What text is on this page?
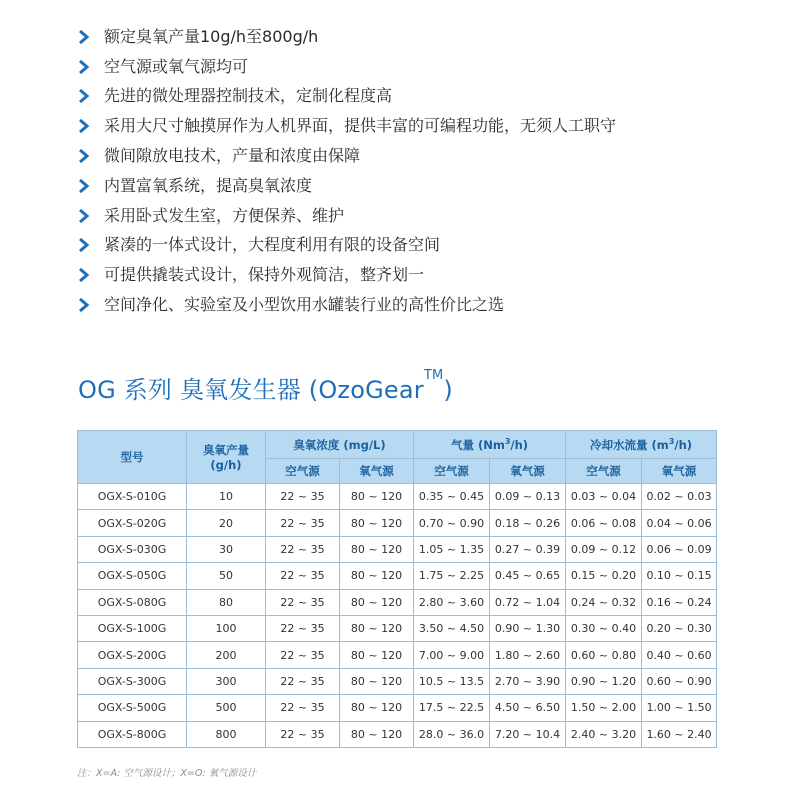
额定臭氧产量10g/h至800g/h
空气源或氧气源均可
先进的微处理器控制技术，定制化程度高
采用大尺寸触摸屏作为人机界面，提供丰富的可编程功能，无须人工职守
微间隙放电技术，产量和浓度由保障
内置富氧系统，提高臭氧浓度
采用卧式发生室，方便保养、维护
紧凑的一体式设计，大程度利用有限的设备空间
可提供撬装式设计，保持外观简洁，整齐划一
空间净化、实验室及小型饮用水罐装行业的高性价比之选
OG 系列 臭氧发生器 (OzoGear™)
型号	臭氧产量
(g/h)	臭氧浓度 (mg/L)		气量 (Nm$^3$/h)		冷却水流量 $(m^3/h)$	
		空气源	氧气源	空气源	氧气源	空气源	氧气源
OGX-S-010G	10	22 ~ 35	80 ~ 120	0.35 ~ 0.45	0.09 ~ 0.13	0.03 ~ 0.04	0.02 ~ 0.03
OGX-S-020G	20	22 ~ 35	80 ~ 120	0.70 ~ 0.90	0.18 ~ 0.26	0.06 ~ 0.08	0.04 ~ 0.06
OGX-S-030G	30	22 ~ 35	80 ~ 120	1.05 ~ 1.35	0.27 ~ 0.39	0.09 ~ 0.12	0.06 ~ 0.09
OGX-S-050G	50	22 ~ 35	80 ~ 120	1.75 ~ 2.25	0.45 ~ 0.65	0.15 ~ 0.20	0.10 ~ 0.15
OGX-S-080G	80	22 ~ 35	80 ~ 120	2.80 ~ 3.60	0.72 ~ 1.04	0.24 ~ 0.32	0.16 ~ 0.24
OGX-S-100G	100	22 ~ 35	80 ~ 120	3.50 ~ 4.50	0.90 ~ 1.30	0.30 ~ 0.40	0.20 ~ 0.30
OGX-S-200G	200	22 ~ 35	80 ~ 120	7.00 ~ 9.00	1.80 ~ 2.60	0.60 ~ 0.80	0.40 ~ 0.60
OGX-S-300G	300	22 ~ 35	80 ~ 120	10.5 ~ 13.5	2.70 ~ 3.90	0.90 ~ 1.20	0.60 ~ 0.90
OGX-S-500G	500	22 ~ 35	80 ~ 120	17.5 ~ 22.5	4.50 ~ 6.50	1.50 ~ 2.00	1.00 ~ 1.50
OGX-S-800G	800	22 ~ 35	80 ~ 120	28.0 ~ 36.0	7.20 ~ 10.4	2.40 ~ 3.20	1.60 ~ 2.40
注：X=A: 空气源设计；X=O: 氧气源设计
